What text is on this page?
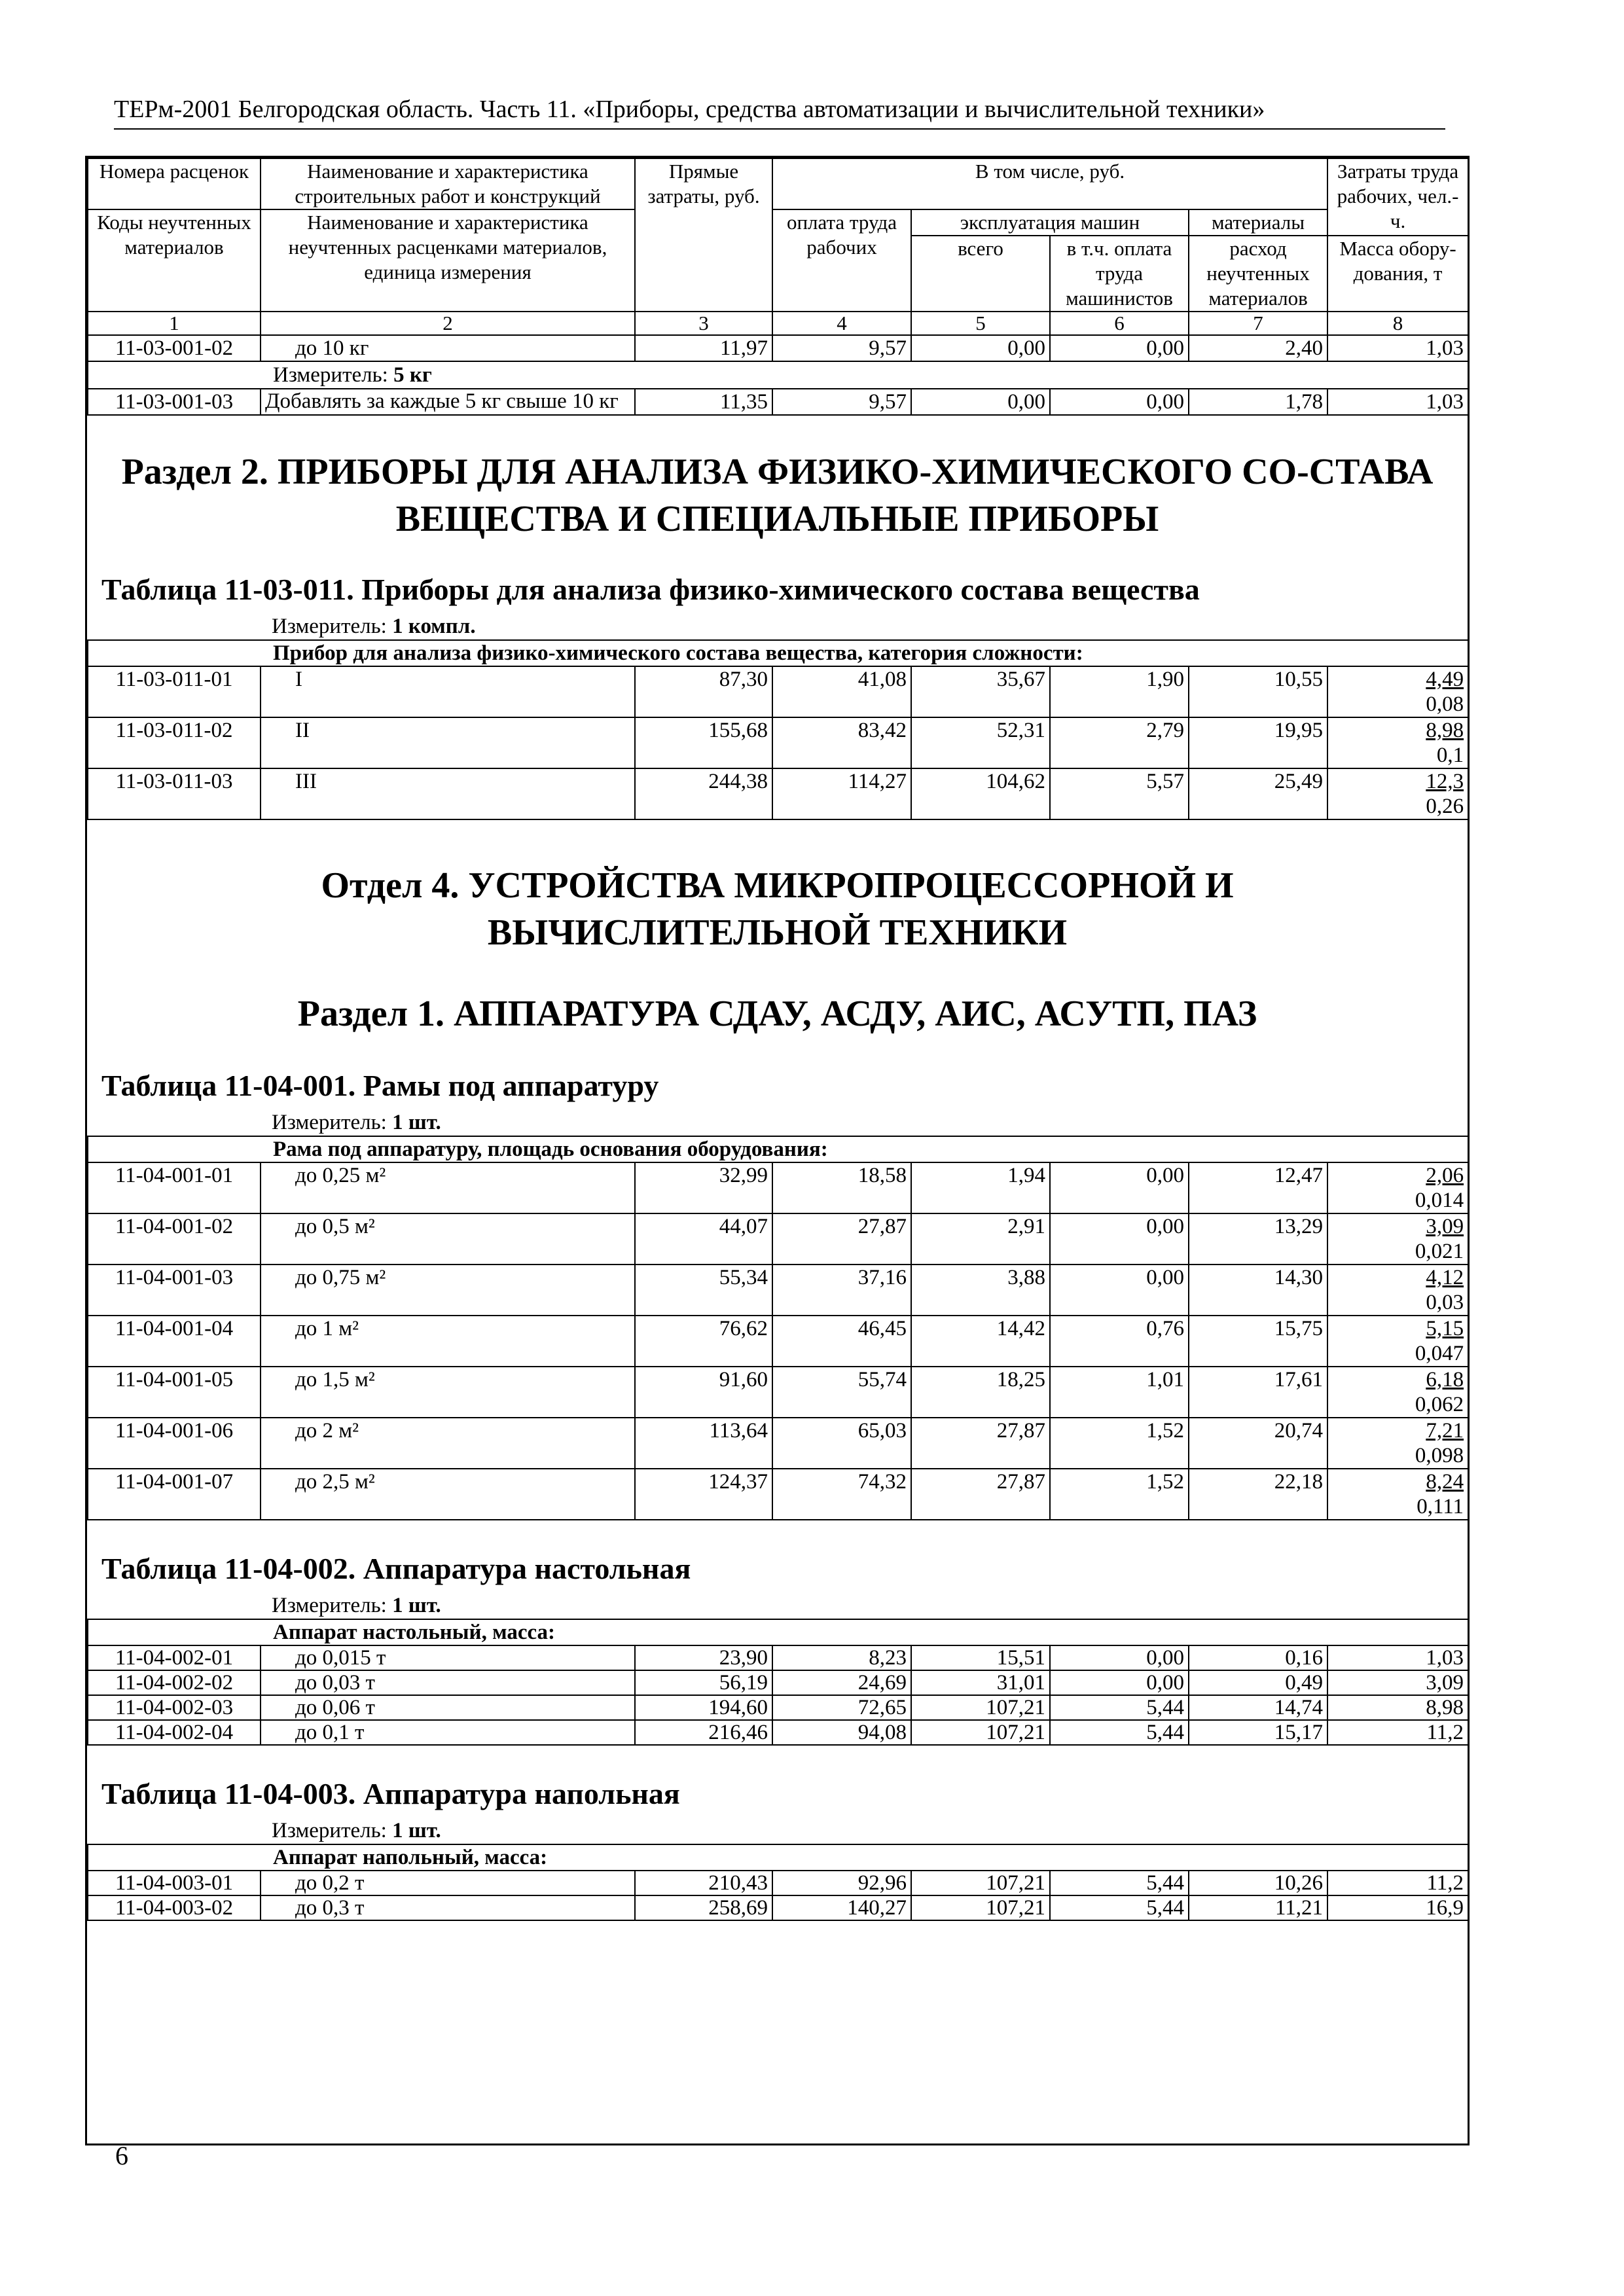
ТЕРм-2001 Белгородская область. Часть 11. «Приборы, средства автоматизации и вычислительной техники»
Номера расценок	Наименование и характеристика строительных работ и конструкций	Прямые затраты, руб.	В том числе, руб.				Затраты труда рабочих, чел.-ч.
Коды неучтенных материалов	Наименование и характеристика неучтенных расценками материалов, единица измерения		оплата труда рабочих	эксплуатация машин		материалы	
				всего	в т.ч. оплата труда машинистов	расход неучтенных материалов	Масса обору-дования, т
1	2	3	4	5	6	7	8
11-03-001-02	до 10 кг	11,97	9,57	0,00	0,00	2,40	1,03
Измеритель: 5 кг							
11-03-001-03	Добавлять за каждые 5 кг свыше 10 кг	11,35	9,57	0,00	0,00	1,78	1,03
Раздел 2. ПРИБОРЫ ДЛЯ АНАЛИЗА ФИЗИКО-ХИМИЧЕСКОГО СО-СТАВА ВЕЩЕСТВА И СПЕЦИАЛЬНЫЕ ПРИБОРЫ
Таблица 11-03-011. Приборы для анализа физико-химического состава вещества
Измеритель: 1 компл.
Прибор для анализа физико-химического состава вещества, категория сложности:							
11-03-011-01	I	87,30	41,08	35,67	1,90	10,55	4,49
0,08

11-03-011-02	II	155,68	83,42	52,31	2,79	19,95	8,98
0,1

11-03-011-03	III	244,38	114,27	104,62	5,57	25,49	12,3
0,26
Отдел 4. УСТРОЙСТВА МИКРОПРОЦЕССОРНОЙ И ВЫЧИСЛИТЕЛЬНОЙ ТЕХНИКИ
Раздел 1. АППАРАТУРА СДАУ, АСДУ, АИС, АСУТП, ПАЗ
Таблица 11-04-001. Рамы под аппаратуру
Измеритель: 1 шт.
Рама под аппаратуру, площадь основания оборудования:							
11-04-001-01	до 0,25 м²	32,99	18,58	1,94	0,00	12,47	2,06
0,014

11-04-001-02	до 0,5 м²	44,07	27,87	2,91	0,00	13,29	3,09
0,021

11-04-001-03	до 0,75 м²	55,34	37,16	3,88	0,00	14,30	4,12
0,03

11-04-001-04	до 1 м²	76,62	46,45	14,42	0,76	15,75	5,15
0,047

11-04-001-05	до 1,5 м²	91,60	55,74	18,25	1,01	17,61	6,18
0,062

11-04-001-06	до 2 м²	113,64	65,03	27,87	1,52	20,74	7,21
0,098

11-04-001-07	до 2,5 м²	124,37	74,32	27,87	1,52	22,18	8,24
0,111
Таблица 11-04-002. Аппаратура настольная
Измеритель: 1 шт.
Аппарат настольный, масса:							
11-04-002-01	до 0,015 т	23,90	8,23	15,51	0,00	0,16	1,03
11-04-002-02	до 0,03 т	56,19	24,69	31,01	0,00	0,49	3,09
11-04-002-03	до 0,06 т	194,60	72,65	107,21	5,44	14,74	8,98
11-04-002-04	до 0,1 т	216,46	94,08	107,21	5,44	15,17	11,2
Таблица 11-04-003. Аппаратура напольная
Измеритель: 1 шт.
Аппарат напольный, масса:							
11-04-003-01	до 0,2 т	210,43	92,96	107,21	5,44	10,26	11,2
11-04-003-02	до 0,3 т	258,69	140,27	107,21	5,44	11,21	16,9
6
